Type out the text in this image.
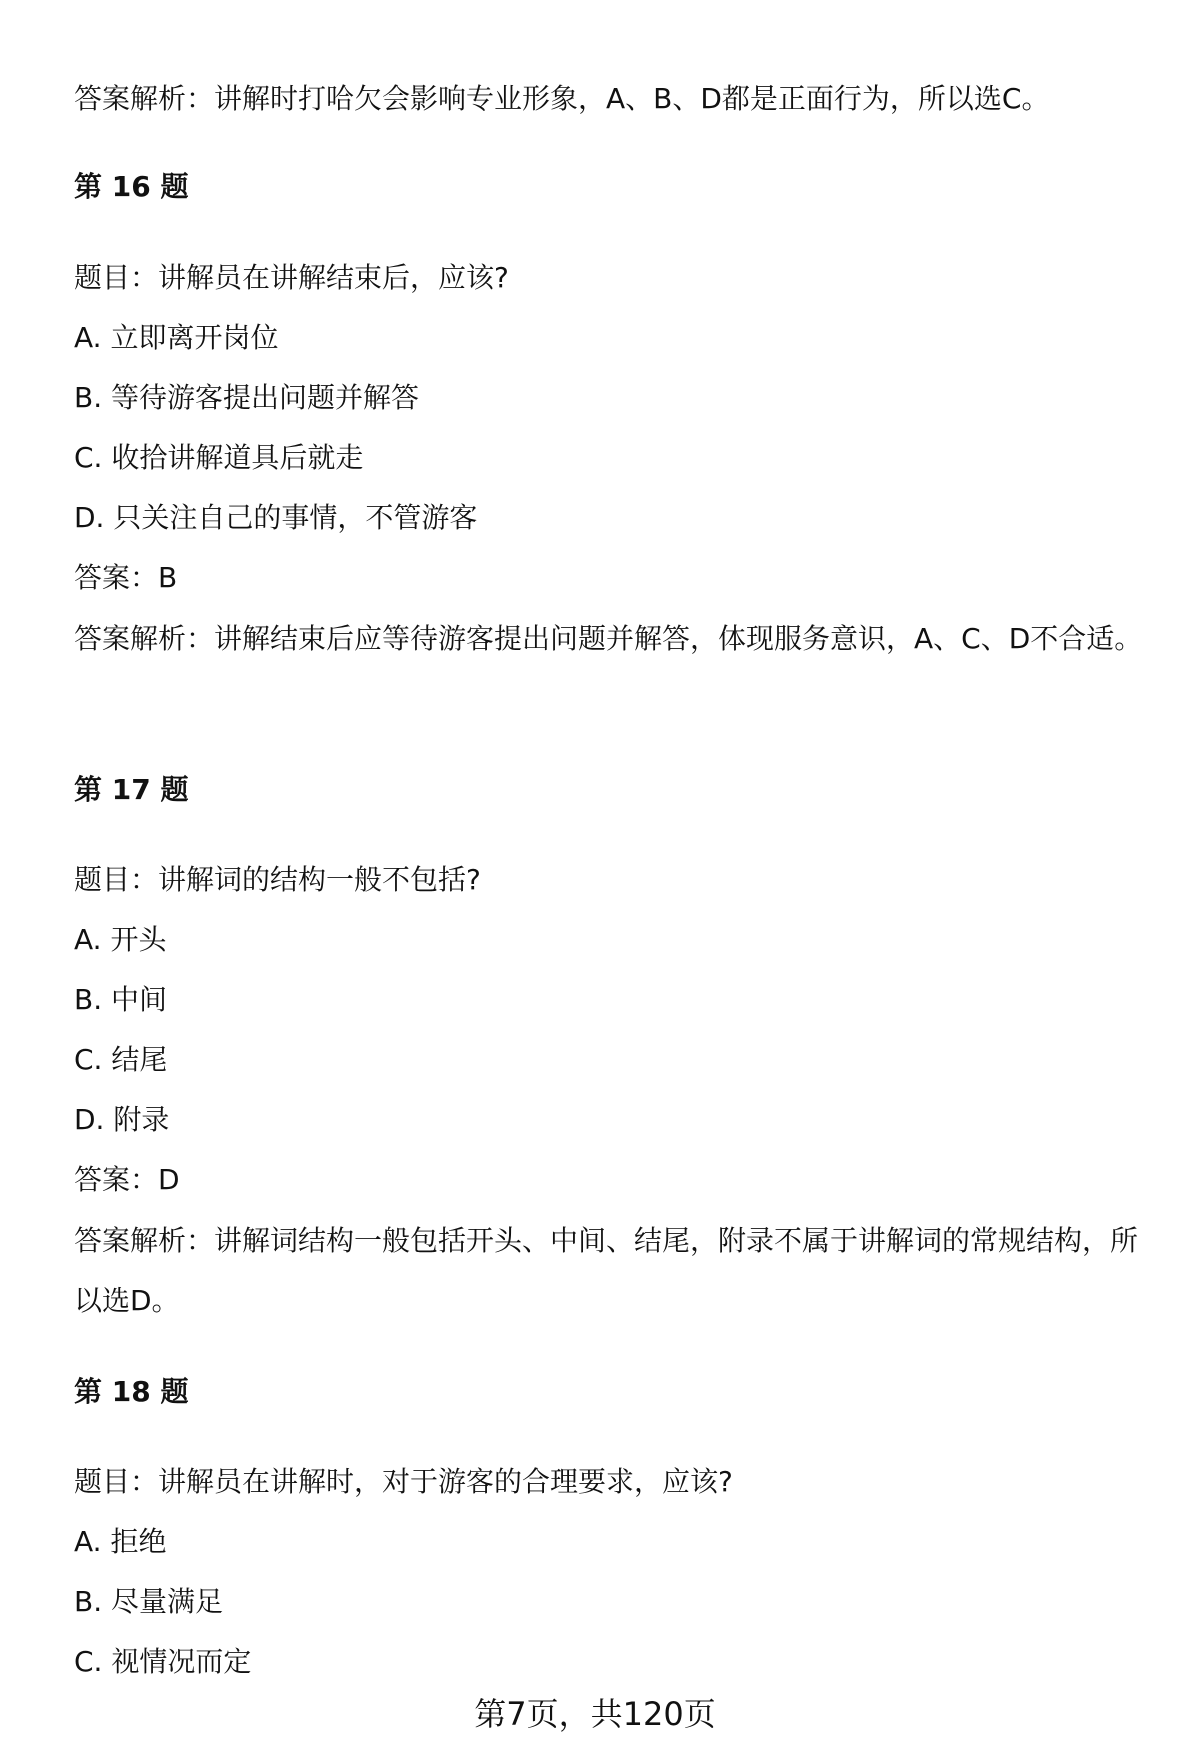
答案解析：讲解时打哈欠会影响专业形象，A、B、D都是正面行为，所以选C。
第 16 题
题目：讲解员在讲解结束后，应该?
A. 立即离开岗位
B. 等待游客提出问题并解答
C. 收拾讲解道具后就走
D. 只关注自己的事情，不管游客
答案：B
答案解析：讲解结束后应等待游客提出问题并解答，体现服务意识，A、C、D不合适。
第 17 题
题目：讲解词的结构一般不包括?
A. 开头
B. 中间
C. 结尾
D. 附录
答案：D
答案解析：讲解词结构一般包括开头、中间、结尾，附录不属于讲解词的常规结构，所以选D。
第 18 题
题目：讲解员在讲解时，对于游客的合理要求，应该?
A. 拒绝
B. 尽量满足
C. 视情况而定
第7页，共120页
